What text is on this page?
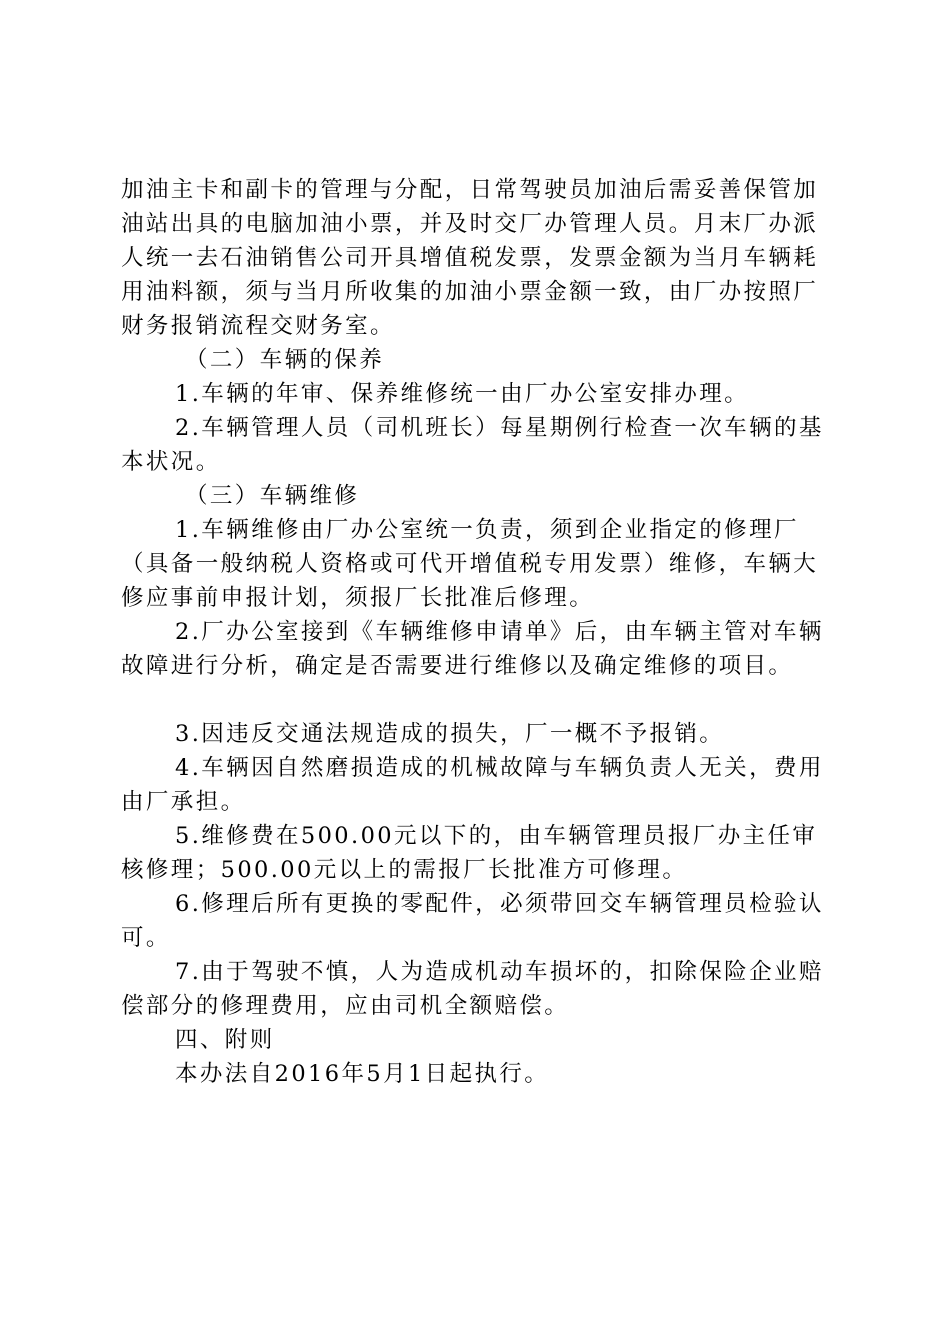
加油主卡和副卡的管理与分配，日常驾驶员加油后需妥善保管加油站出具的电脑加油小票，并及时交厂办管理人员。月末厂办派人统一去石油销售公司开具增值税发票，发票金额为当月车辆耗用油料额，须与当月所收集的加油小票金额一致，由厂办按照厂财务报销流程交财务室。

（二）车辆的保养

1.车辆的年审、保养维修统一由厂办公室安排办理。

2.车辆管理人员（司机班长）每星期例行检查一次车辆的基本状况。

（三）车辆维修

1.车辆维修由厂办公室统一负责，须到企业指定的修理厂（具备一般纳税人资格或可代开增值税专用发票）维修，车辆大修应事前申报计划，须报厂长批准后修理。

2.厂办公室接到《车辆维修申请单》后，由车辆主管对车辆故障进行分析，确定是否需要进行维修以及确定维修的项目。

3.因违反交通法规造成的损失，厂一概不予报销。

4.车辆因自然磨损造成的机械故障与车辆负责人无关，费用由厂承担。

5.维修费在500.00元以下的，由车辆管理员报厂办主任审核修理；500.00元以上的需报厂长批准方可修理。

6.修理后所有更换的零配件，必须带回交车辆管理员检验认可。

7.由于驾驶不慎，人为造成机动车损坏的，扣除保险企业赔偿部分的修理费用，应由司机全额赔偿。

四、附则

本办法自2016年5月1日起执行。
